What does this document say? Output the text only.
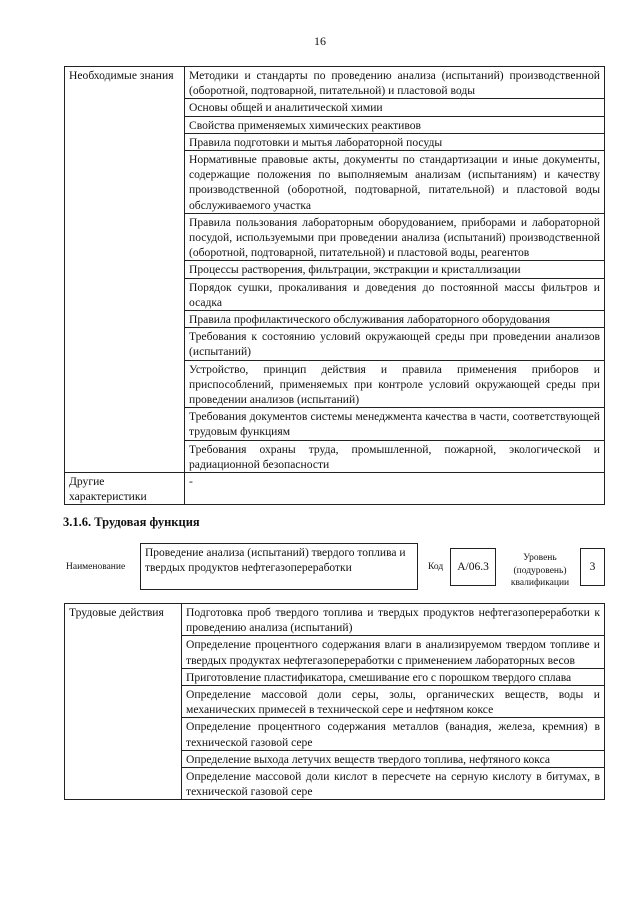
16
Необходимые знания	Методики и стандарты по проведению анализа (испытаний) производственной (оборотной, подтоварной, питательной) и пластовой воды
	Основы общей и аналитической химии
	Свойства применяемых химических реактивов
	Правила подготовки и мытья лабораторной посуды
	Нормативные правовые акты, документы по стандартизации и иные документы, содержащие положения по выполняемым анализам (испытаниям) и качеству производственной (оборотной, подтоварной, питательной) и пластовой воды обслуживаемого участка
	Правила пользования лабораторным оборудованием, приборами и лабораторной посудой, используемыми при проведении анализа (испытаний) производственной (оборотной, подтоварной, питательной) и пластовой воды, реагентов
	Процессы растворения, фильтрации, экстракции и кристаллизации
	Порядок сушки, прокаливания и доведения до постоянной массы фильтров и осадка
	Правила профилактического обслуживания лабораторного оборудования
	Требования к состоянию условий окружающей среды при проведении анализов (испытаний)
	Устройство, принцип действия и правила применения приборов и приспособлений, применяемых при контроле условий окружающей среды при проведении анализов (испытаний)
	Требования документов системы менеджмента качества в части, соответствующей трудовым функциям
	Требования охраны труда, промышленной, пожарной, экологической и радиационной безопасности
Другие характеристики	-
3.1.6. Трудовая функция
Наименование
Проведение анализа (испытаний) твердого топлива и твердых продуктов нефтегазопереработки	Код	А/06.3
Уровень
(подуровень)
квалификации
3
Трудовые действия	Подготовка проб твердого топлива и твердых продуктов нефтегазопереработки к проведению анализа (испытаний)
Определение процентного содержания влаги в анализируемом твердом топливе и твердых продуктах нефтегазопереработки с применением лабораторных весов
Приготовление пластификатора, смешивание его с порошком твердого сплава
Определение массовой доли серы, золы, органических веществ, воды и механических примесей в технической сере и нефтяном коксе
Определение процентного содержания металлов (ванадия, железа, кремния) в технической газовой сере
Определение выхода летучих веществ твердого топлива, нефтяного кокса
Определение массовой доли кислот в пересчете на серную кислоту в битумах, в технической газовой сере
